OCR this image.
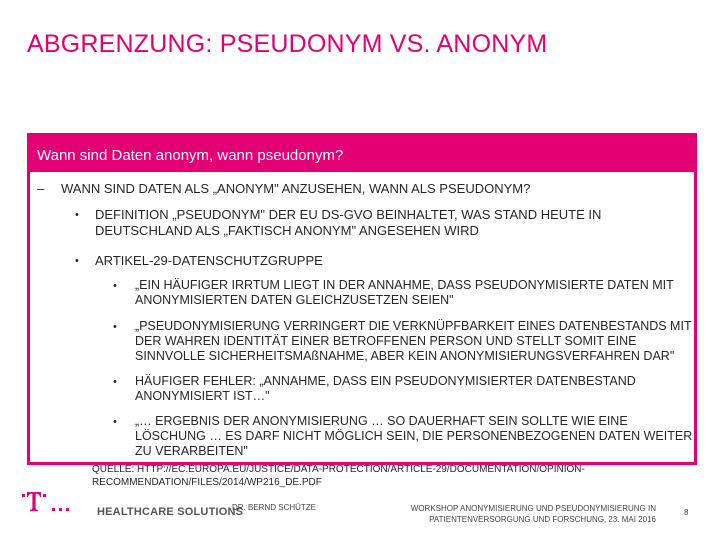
ABGRENZUNG: PSEUDONYM VS. ANONYM
Wann sind Daten anonym, wann pseudonym?
– WANN SIND DATEN ALS „ANONYM" ANZUSEHEN, WANN ALS PSEUDONYM?
• DEFINITION „PSEUDONYM" DER EU DS-GVO BEINHALTET, WAS STAND HEUTE IN DEUTSCHLAND ALS „FAKTISCH ANONYM" ANGESEHEN WIRD
• ARTIKEL-29-DATENSCHUTZGRUPPE
• „EIN HÄUFIGER IRRTUM LIEGT IN DER ANNAHME, DASS PSEUDONYMISIERTE DATEN MIT ANONYMISIERTEN DATEN GLEICHZUSETZEN SEIEN"
• „PSEUDONYMISIERUNG VERRINGERT DIE VERKNÜPFBARKEIT EINES DATENBESTANDS MIT DER WAHREN IDENTITÄT EINER BETROFFENEN PERSON UND STELLT SOMIT EINE SINNVOLLE SICHERHEITSMAßNAHME, ABER KEIN ANONYMISIERUNGSVERFAHREN DAR"
• HÄUFIGER FEHLER: „ANNAHME, DASS EIN PSEUDONYMISIERTER DATENBESTAND ANONYMISIERT IST…"
• „… ERGEBNIS DER ANONYMISIERUNG … SO DAUERHAFT SEIN SOLLTE WIE EINE LÖSCHUNG … ES DARF NICHT MÖGLICH SEIN, DIE PERSONENBEZOGENEN DATEN WEITER ZU VERARBEITEN"
QUELLE: HTTP://EC.EUROPA.EU/JUSTICE/DATA-PROTECTION/ARTICLE-29/DOCUMENTATION/OPINION-RECOMMENDATION/FILES/2014/WP216_DE.PDF
HEALTHCARE SOLUTIONS
DR. BERND SCHÜTZE	WORKSHOP ANONYMISIERUNG UND PSEUDONYMISIERUNG IN PATIENTENVERSORGUNG UND FORSCHUNG, 23. MAI 2016
8
